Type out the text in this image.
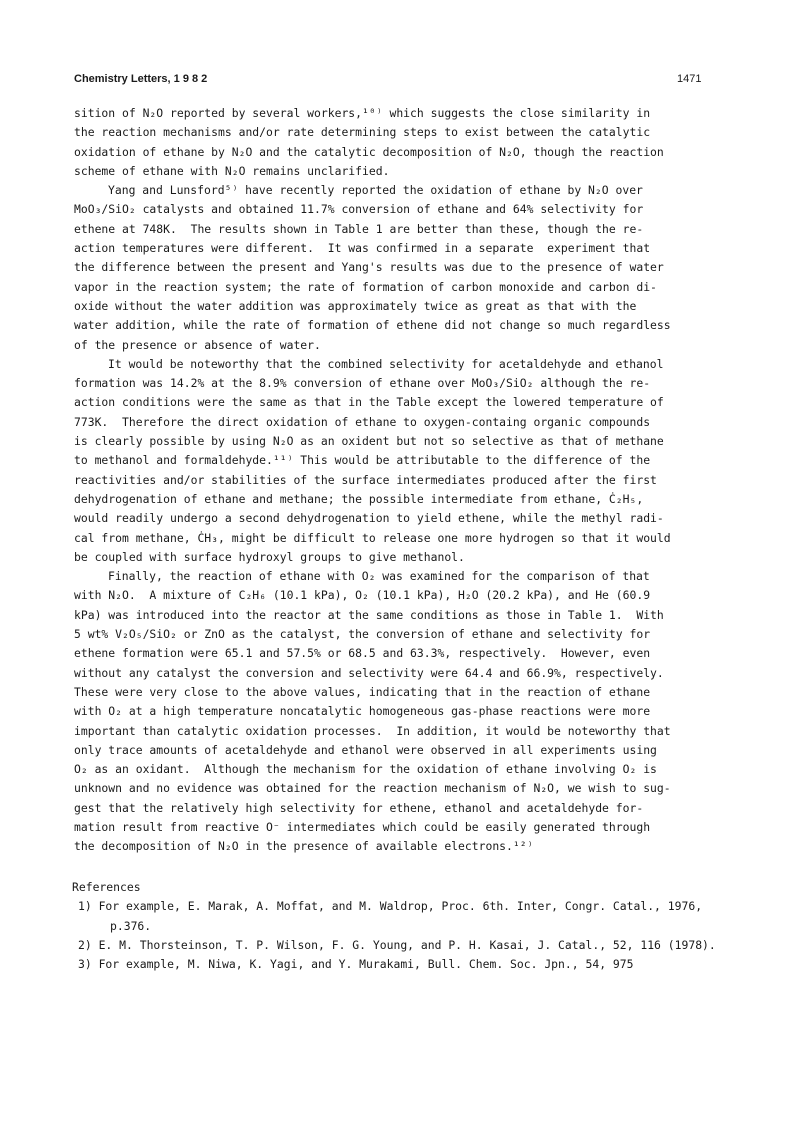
Chemistry Letters, 1 9 8 2	1471
sition of N₂O reported by several workers,¹⁰⁾ which suggests the close similarity in
the reaction mechanisms and/or rate determining steps to exist between the catalytic
oxidation of ethane by N₂O and the catalytic decomposition of N₂O, though the reaction
scheme of ethane with N₂O remains unclarified.
Yang and Lunsford⁵⁾ have recently reported the oxidation of ethane by N₂O over
MoO₃/SiO₂ catalysts and obtained 11.7% conversion of ethane and 64% selectivity for
ethene at 748K.  The results shown in Table 1 are better than these, though the re-
action temperatures were different.  It was confirmed in a separate  experiment that
the difference between the present and Yang's results was due to the presence of water
vapor in the reaction system; the rate of formation of carbon monoxide and carbon di-
oxide without the water addition was approximately twice as great as that with the
water addition, while the rate of formation of ethene did not change so much regardless
of the presence or absence of water.
It would be noteworthy that the combined selectivity for acetaldehyde and ethanol
formation was 14.2% at the 8.9% conversion of ethane over MoO₃/SiO₂ although the re-
action conditions were the same as that in the Table except the lowered temperature of
773K.  Therefore the direct oxidation of ethane to oxygen-containg organic compounds
is clearly possible by using N₂O as an oxident but not so selective as that of methane
to methanol and formaldehyde.¹¹⁾ This would be attributable to the difference of the
reactivities and/or stabilities of the surface intermediates produced after the first
dehydrogenation of ethane and methane; the possible intermediate from ethane, Ċ₂H₅,
would readily undergo a second dehydrogenation to yield ethene, while the methyl radi-
cal from methane, ĊH₃, might be difficult to release one more hydrogen so that it would
be coupled with surface hydroxyl groups to give methanol.
Finally, the reaction of ethane with O₂ was examined for the comparison of that
with N₂O.  A mixture of C₂H₆ (10.1 kPa), O₂ (10.1 kPa), H₂O (20.2 kPa), and He (60.9
kPa) was introduced into the reactor at the same conditions as those in Table 1.  With
5 wt% V₂O₅/SiO₂ or ZnO as the catalyst, the conversion of ethane and selectivity for
ethene formation were 65.1 and 57.5% or 68.5 and 63.3%, respectively.  However, even
without any catalyst the conversion and selectivity were 64.4 and 66.9%, respectively.
These were very close to the above values, indicating that in the reaction of ethane
with O₂ at a high temperature noncatalytic homogeneous gas-phase reactions were more
important than catalytic oxidation processes.  In addition, it would be noteworthy that
only trace amounts of acetaldehyde and ethanol were observed in all experiments using
O₂ as an oxidant.  Although the mechanism for the oxidation of ethane involving O₂ is
unknown and no evidence was obtained for the reaction mechanism of N₂O, we wish to sug-
gest that the relatively high selectivity for ethene, ethanol and acetaldehyde for-
mation result from reactive O⁻ intermediates which could be easily generated through
the decomposition of N₂O in the presence of available electrons.¹²⁾
References
1) For example, E. Marak, A. Moffat, and M. Waldrop, Proc. 6th. Inter, Congr. Catal., 1976, p.376.
2) E. M. Thorsteinson, T. P. Wilson, F. G. Young, and P. H. Kasai, J. Catal., 52, 116 (1978).
3) For example, M. Niwa, K. Yagi, and Y. Murakami, Bull. Chem. Soc. Jpn., 54, 975
